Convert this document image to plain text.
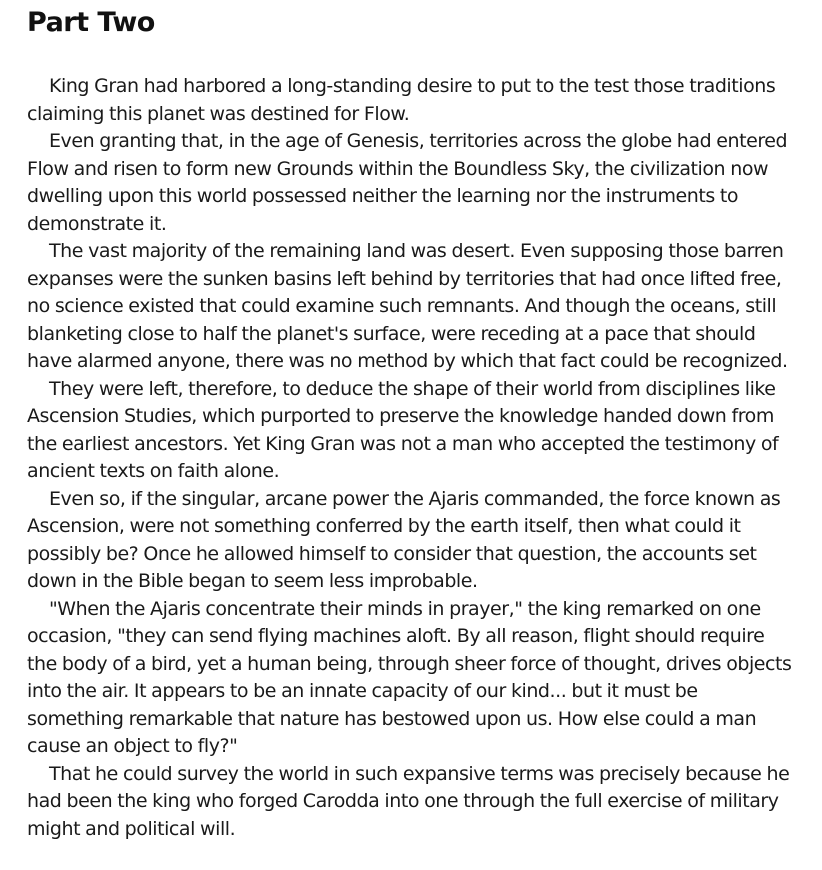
Part Two

King Gran had harbored a long-standing desire to put to the test those traditions claiming this planet was destined for Flow.

Even granting that, in the age of Genesis, territories across the globe had entered Flow and risen to form new Grounds within the Boundless Sky, the civilization now dwelling upon this world possessed neither the learning nor the instruments to demonstrate it.

The vast majority of the remaining land was desert. Even supposing those barren expanses were the sunken basins left behind by territories that had once lifted free, no science existed that could examine such remnants. And though the oceans, still blanketing close to half the planet's surface, were receding at a pace that should have alarmed anyone, there was no method by which that fact could be recognized.

They were left, therefore, to deduce the shape of their world from disciplines like Ascension Studies, which purported to preserve the knowledge handed down from the earliest ancestors. Yet King Gran was not a man who accepted the testimony of ancient texts on faith alone.

Even so, if the singular, arcane power the Ajaris commanded, the force known as Ascension, were not something conferred by the earth itself, then what could it possibly be? Once he allowed himself to consider that question, the accounts set down in the Bible began to seem less improbable.

"When the Ajaris concentrate their minds in prayer," the king remarked on one occasion, "they can send flying machines aloft. By all reason, flight should require the body of a bird, yet a human being, through sheer force of thought, drives objects into the air. It appears to be an innate capacity of our kind... but it must be something remarkable that nature has bestowed upon us. How else could a man cause an object to fly?"

That he could survey the world in such expansive terms was precisely because he had been the king who forged Carodda into one through the full exercise of military might and political will.
